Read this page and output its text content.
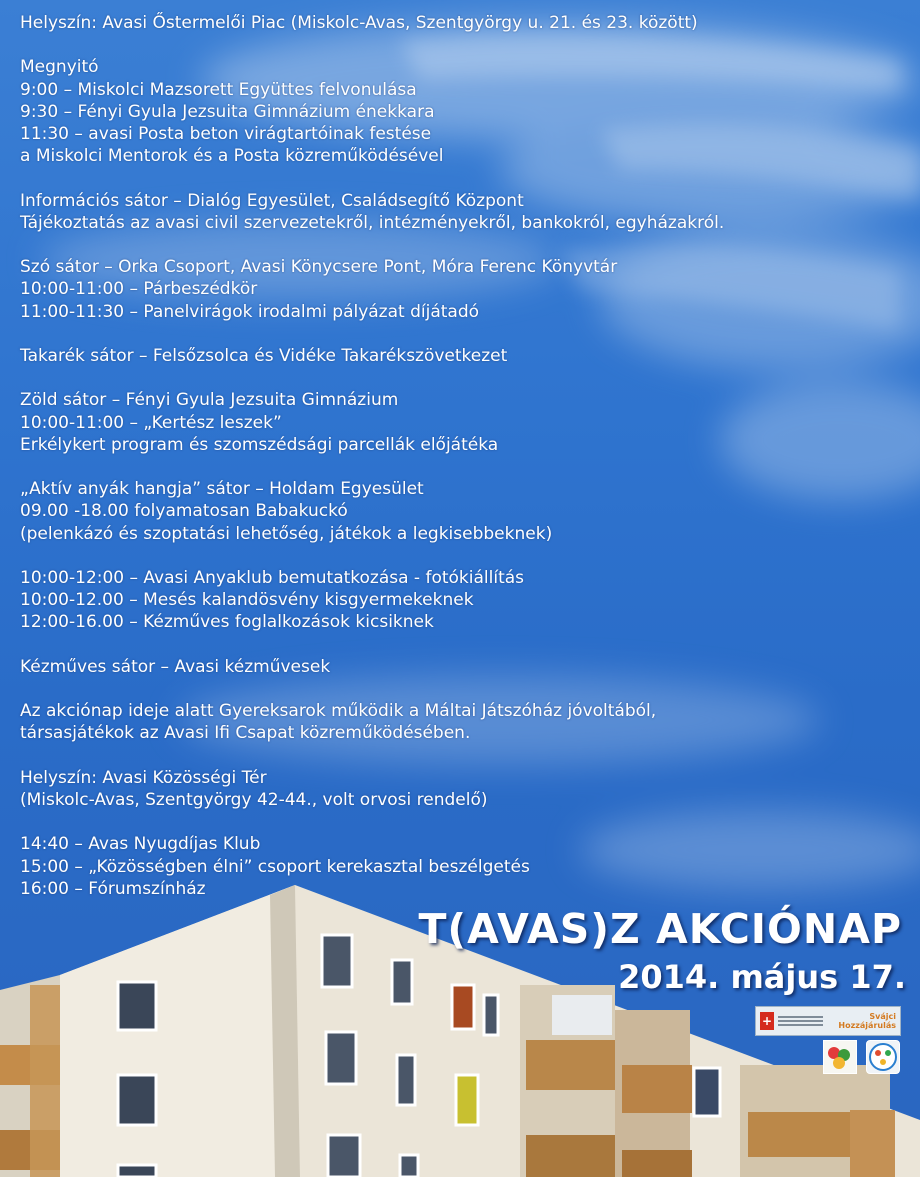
Helyszín: Avasi Őstermelői Piac (Miskolc-Avas, Szentgyörgy u. 21. és 23. között)
Megnyitó
9:00 – Miskolci Mazsorett Együttes felvonulása
9:30 – Fényi Gyula Jezsuita Gimnázium énekkara
11:30 – avasi Posta beton virágtartóinak festése
a Miskolci Mentorok és a Posta közreműködésével
Információs sátor – Dialóg Egyesület, Családsegítő Központ
Tájékoztatás az avasi civil szervezetekről, intézményekről, bankokról, egyházakról.
Szó sátor – Orka Csoport, Avasi Könycsere Pont, Móra Ferenc Könyvtár
10:00-11:00 – Párbeszédkör
11:00-11:30 – Panelvirágok irodalmi pályázat díjátadó
Takarék sátor – Felsőzsolca és Vidéke Takarékszövetkezet
Zöld sátor – Fényi Gyula Jezsuita Gimnázium
10:00-11:00 – „Kertész leszek”
Erkélykert program és szomszédsági parcellák előjátéka
„Aktív anyák hangja” sátor – Holdam Egyesület
09.00 -18.00 folyamatosan Babakuckó
(pelenkázó és szoptatási lehetőség, játékok a legkisebbeknek)
10:00-12:00 – Avasi Anyaklub bemutatkozása - fotókiállítás
10:00-12.00 – Mesés kalandösvény kisgyermekeknek
12:00-16.00 – Kézműves foglalkozások kicsiknek
Kézműves sátor – Avasi kézművesek
Az akciónap ideje alatt Gyereksarok működik a Máltai Játszóház jóvoltából,
társasjátékok az Avasi Ifi Csapat közreműködésében.
Helyszín: Avasi Közösségi Tér
(Miskolc-Avas, Szentgyörgy 42-44., volt orvosi rendelő)
14:40 – Avas Nyugdíjas Klub
15:00 – „Közösségben élni” csoport kerekasztal beszélgetés
16:00 – Fórumszínház
T(AVAS)Z AKCIÓNAP
2014. május 17.
+	Svájci
Hozzájárulás
